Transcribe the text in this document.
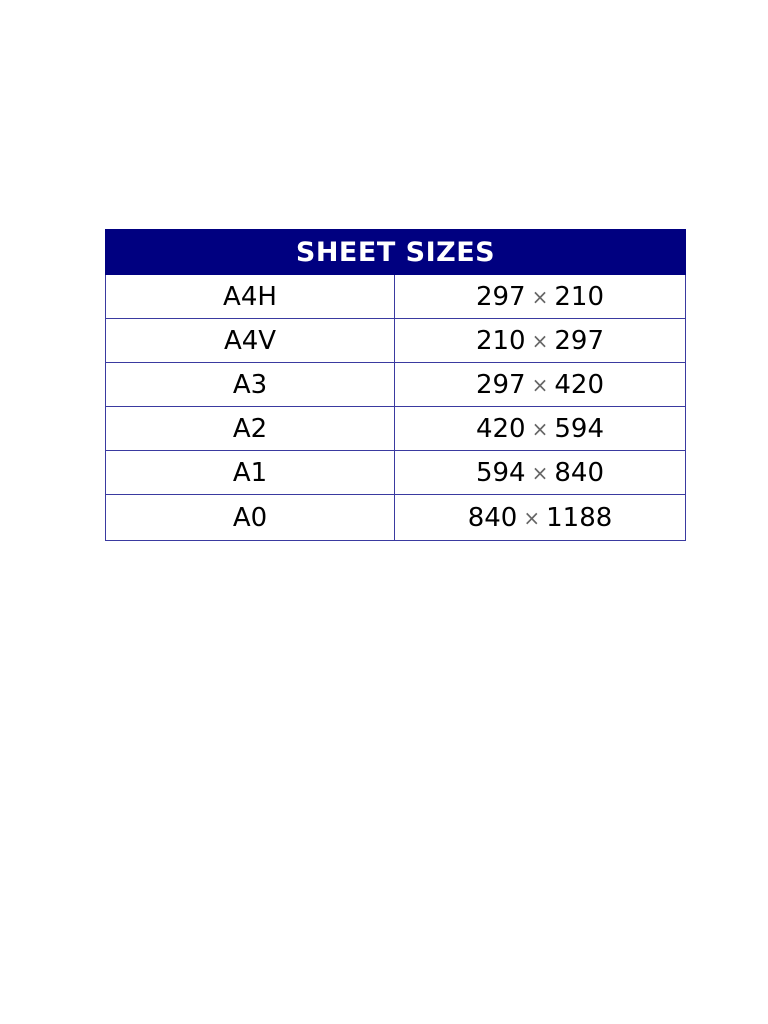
SHEET SIZES	
A4H	297 × 210
A4V	210 × 297
A3	297 × 420
A2	420 × 594
A1	594 × 840
A0	840 × 1188
